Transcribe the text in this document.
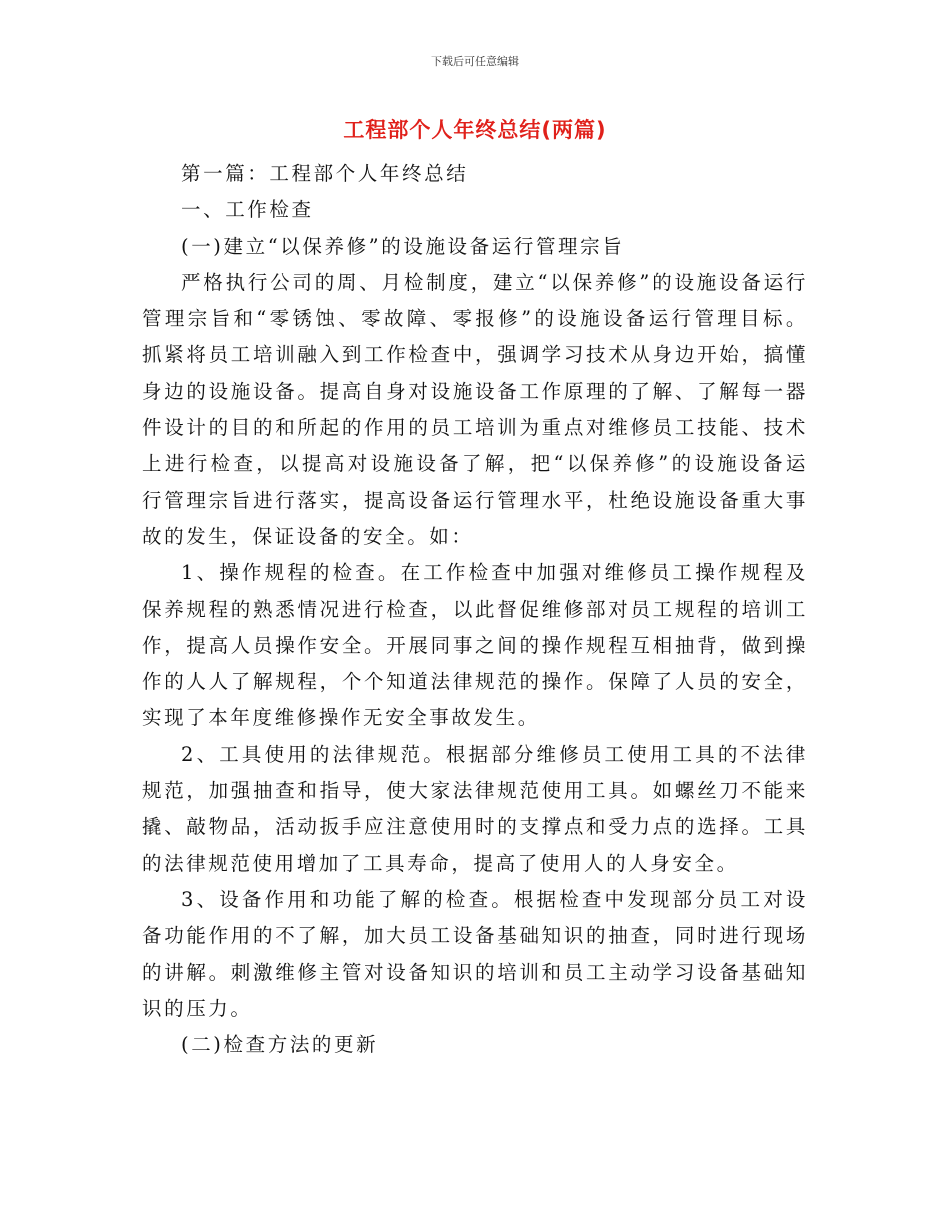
下载后可任意编辑
工程部个人年终总结(两篇)

第一篇：工程部个人年终总结

一、工作检查

(一)建立“以保养修”的设施设备运行管理宗旨

严格执行公司的周、月检制度，建立“以保养修”的设施设备运行管理宗旨和“零锈蚀、零故障、零报修”的设施设备运行管理目标。抓紧将员工培训融入到工作检查中，强调学习技术从身边开始，搞懂身边的设施设备。提高自身对设施设备工作原理的了解、了解每一器件设计的目的和所起的作用的员工培训为重点对维修员工技能、技术上进行检查，以提高对设施设备了解，把“以保养修”的设施设备运行管理宗旨进行落实，提高设备运行管理水平，杜绝设施设备重大事故的发生，保证设备的安全。如：

1、操作规程的检查。在工作检查中加强对维修员工操作规程及保养规程的熟悉情况进行检查，以此督促维修部对员工规程的培训工作，提高人员操作安全。开展同事之间的操作规程互相抽背，做到操作的人人了解规程，个个知道法律规范的操作。保障了人员的安全，实现了本年度维修操作无安全事故发生。

2、工具使用的法律规范。根据部分维修员工使用工具的不法律规范，加强抽查和指导，使大家法律规范使用工具。如螺丝刀不能来撬、敲物品，活动扳手应注意使用时的支撑点和受力点的选择。工具的法律规范使用增加了工具寿命，提高了使用人的人身安全。

3、设备作用和功能了解的检查。根据检查中发现部分员工对设备功能作用的不了解，加大员工设备基础知识的抽查，同时进行现场的讲解。刺激维修主管对设备知识的培训和员工主动学习设备基础知识的压力。

(二)检查方法的更新
